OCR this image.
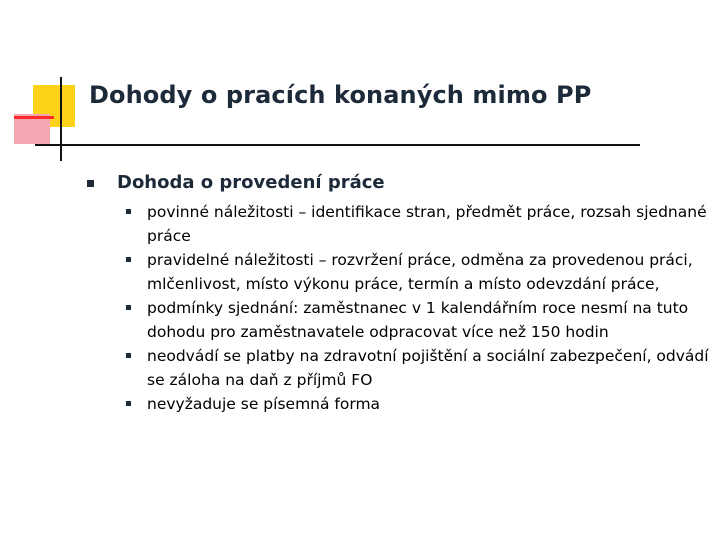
Dohody o pracích konaných mimo PP
Dohoda o provedení práce
povinné náležitosti – identifikace stran, předmět práce, rozsah sjednané práce
pravidelné náležitosti – rozvržení práce, odměna za provedenou práci, mlčenlivost, místo výkonu práce, termín a místo odevzdání práce,
podmínky sjednání: zaměstnanec v 1 kalendářním roce nesmí na tuto dohodu pro zaměstnavatele odpracovat více než 150 hodin
neodvádí se platby na zdravotní pojištění a sociální zabezpečení, odvádí se záloha na daň z příjmů FO
nevyžaduje se písemná forma
